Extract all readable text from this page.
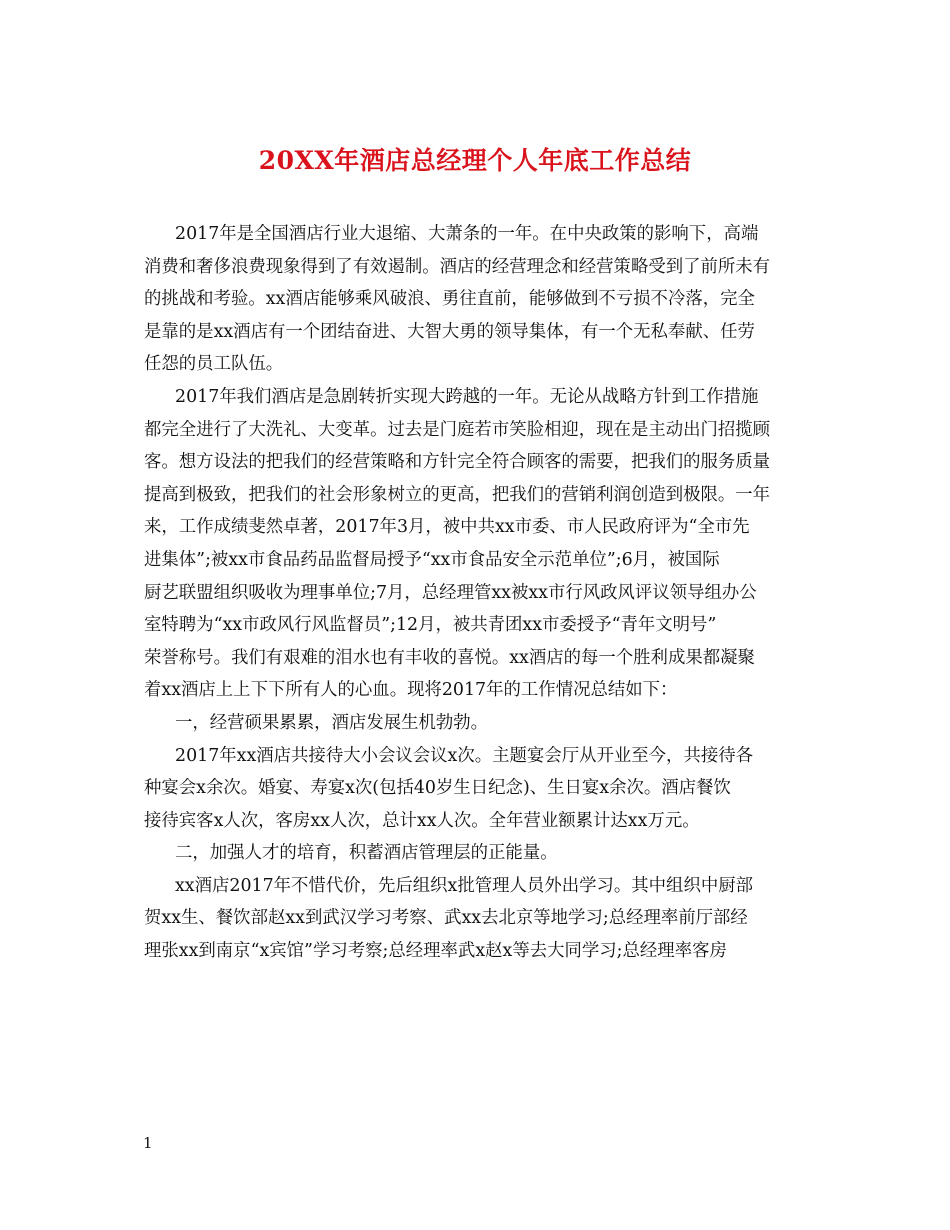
20XX年酒店总经理个人年底工作总结
2017年是全国酒店行业大退缩、大萧条的一年。在中央政策的影响下，高端
消费和奢侈浪费现象得到了有效遏制。酒店的经营理念和经营策略受到了前所未有
的挑战和考验。xx酒店能够乘风破浪、勇往直前，能够做到不亏损不冷落，完全
是靠的是xx酒店有一个团结奋进、大智大勇的领导集体，有一个无私奉献、任劳
任怨的员工队伍。
2017年我们酒店是急剧转折实现大跨越的一年。无论从战略方针到工作措施
都完全进行了大洗礼、大变革。过去是门庭若市笑脸相迎，现在是主动出门招揽顾
客。想方设法的把我们的经营策略和方针完全符合顾客的需要，把我们的服务质量
提高到极致，把我们的社会形象树立的更高，把我们的营销利润创造到极限。一年
来，工作成绩斐然卓著，2017年3月，被中共xx市委、市人民政府评为“全市先
进集体”;被xx市食品药品监督局授予“xx市食品安全示范单位”;6月，被国际
厨艺联盟组织吸收为理事单位;7月，总经理管xx被xx市行风政风评议领导组办公
室特聘为“xx市政风行风监督员”;12月，被共青团xx市委授予“青年文明号”
荣誉称号。我们有艰难的泪水也有丰收的喜悦。xx酒店的每一个胜利成果都凝聚
着xx酒店上上下下所有人的心血。现将2017年的工作情况总结如下：
一，经营硕果累累，酒店发展生机勃勃。
2017年xx酒店共接待大小会议会议x次。主题宴会厅从开业至今，共接待各
种宴会x余次。婚宴、寿宴x次(包括40岁生日纪念)、生日宴x余次。酒店餐饮
接待宾客x人次，客房xx人次，总计xx人次。全年营业额累计达xx万元。
二，加强人才的培育，积蓄酒店管理层的正能量。
xx酒店2017年不惜代价，先后组织x批管理人员外出学习。其中组织中厨部
贺xx生、餐饮部赵xx到武汉学习考察、武xx去北京等地学习;总经理率前厅部经
理张xx到南京“x宾馆”学习考察;总经理率武x赵x等去大同学习;总经理率客房
1
